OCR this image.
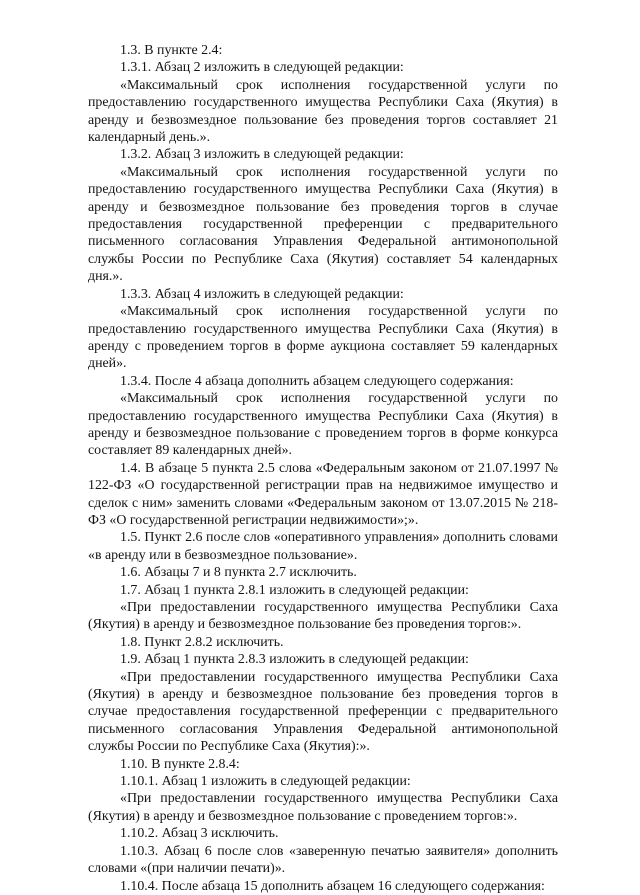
1.3. В пункте 2.4:

1.3.1. Абзац 2 изложить в следующей редакции:

«Максимальный срок исполнения государственной услуги по предоставлению государственного имущества Республики Саха (Якутия) в аренду и безвозмездное пользование без проведения торгов составляет 21 календарный день.».

1.3.2. Абзац 3 изложить в следующей редакции:

«Максимальный срок исполнения государственной услуги по предоставлению государственного имущества Республики Саха (Якутия) в аренду и безвозмездное пользование без проведения торгов в случае предоставления государственной преференции с предварительного письменного согласования Управления Федеральной антимонопольной службы России по Республике Саха (Якутия) составляет 54 календарных дня.».

1.3.3. Абзац 4 изложить в следующей редакции:

«Максимальный срок исполнения государственной услуги по предоставлению государственного имущества Республики Саха (Якутия) в аренду с проведением торгов в форме аукциона составляет 59 календарных дней».

1.3.4. После 4 абзаца дополнить абзацем следующего содержания:

«Максимальный срок исполнения государственной услуги по предоставлению государственного имущества Республики Саха (Якутия) в аренду и безвозмездное пользование с проведением торгов в форме конкурса составляет 89 календарных дней».

1.4. В абзаце 5 пункта 2.5 слова «Федеральным законом от 21.07.1997 № 122-ФЗ «О государственной регистрации прав на недвижимое имущество и сделок с ним» заменить словами «Федеральным законом от 13.07.2015 № 218-ФЗ «О государственной регистрации недвижимости»;».

1.5. Пункт 2.6 после слов «оперативного управления» дополнить словами «в аренду или в безвозмездное пользование».

1.6. Абзацы 7 и 8 пункта 2.7 исключить.

1.7. Абзац 1 пункта 2.8.1 изложить в следующей редакции:

«При предоставлении государственного имущества Республики Саха (Якутия) в аренду и безвозмездное пользование без проведения торгов:».

1.8. Пункт 2.8.2 исключить.

1.9. Абзац 1 пункта 2.8.3 изложить в следующей редакции:

«При предоставлении государственного имущества Республики Саха (Якутия) в аренду и безвозмездное пользование без проведения торгов в случае предоставления государственной преференции с предварительного письменного согласования Управления Федеральной антимонопольной службы России по Республике Саха (Якутия):».

1.10. В пункте 2.8.4:

1.10.1. Абзац 1 изложить в следующей редакции:

«При предоставлении государственного имущества Республики Саха (Якутия) в аренду и безвозмездное пользование с проведением торгов:».

1.10.2. Абзац 3 исключить.

1.10.3. Абзац 6 после слов «заверенную печатью заявителя» дополнить словами «(при наличии печати)».

1.10.4. После абзаца 15 дополнить абзацем 16 следующего содержания:
